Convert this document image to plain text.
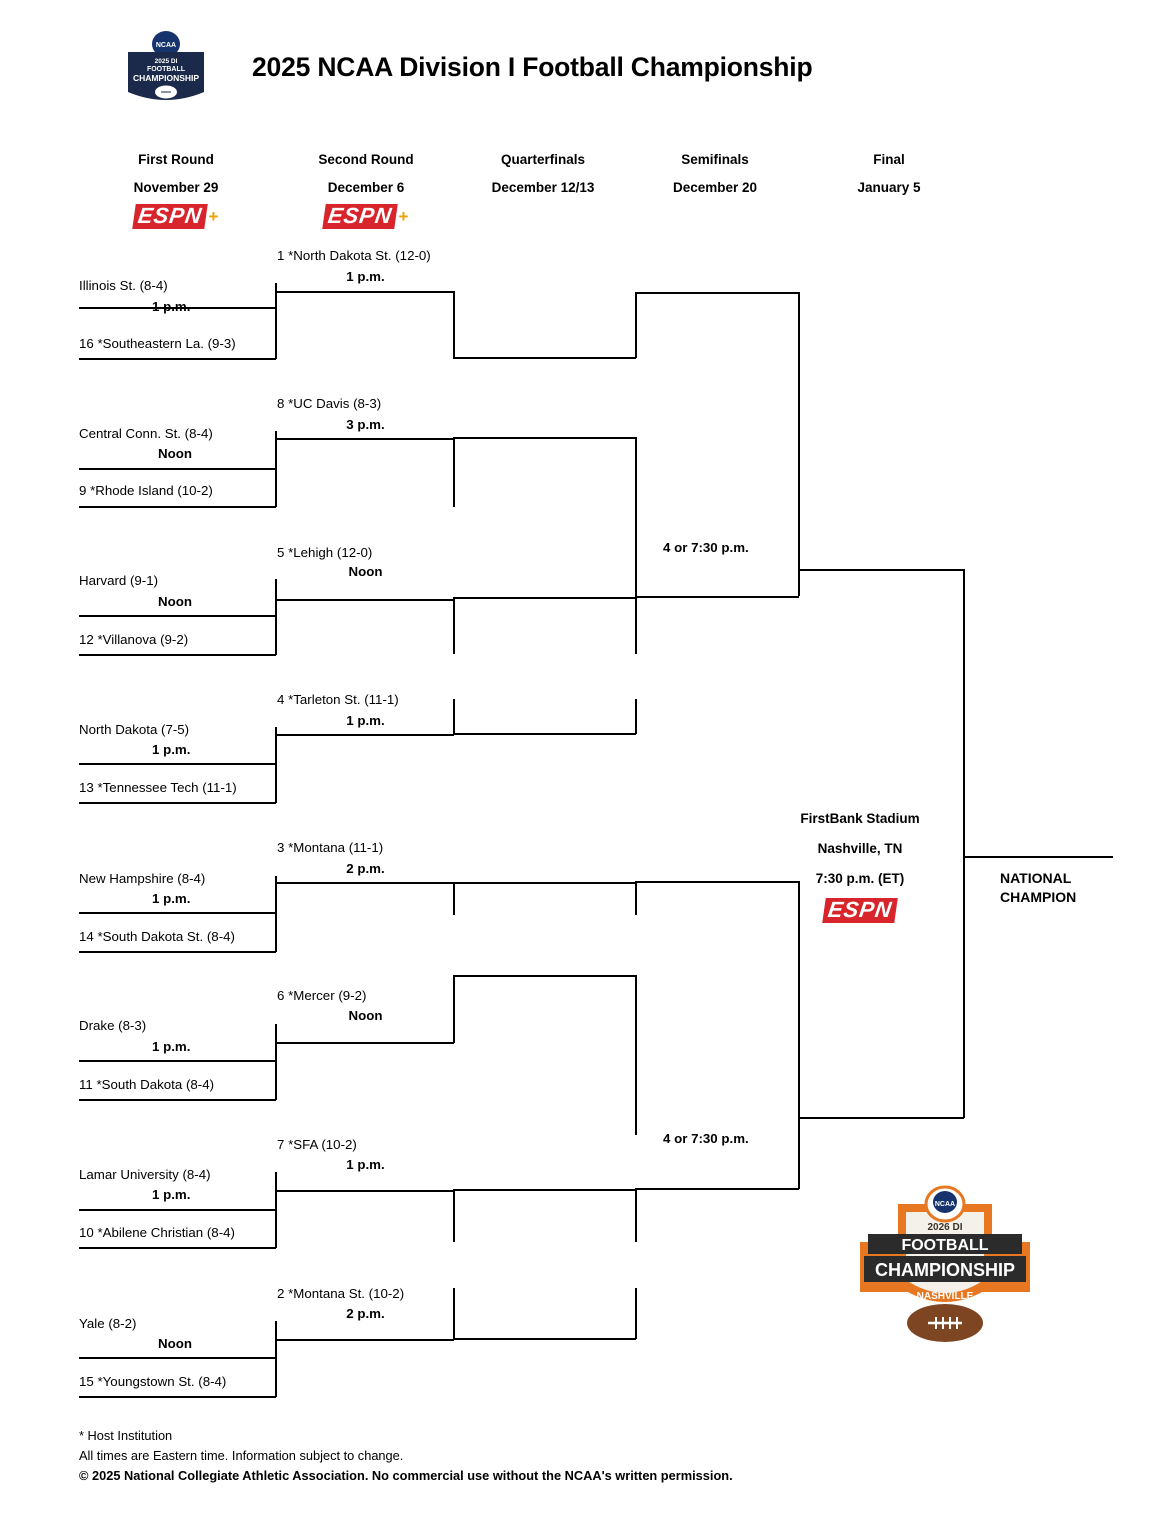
NCAA
2025 DI
FOOTBALL
CHAMPIONSHIP 2025 NCAA Division I Football Championship
First Round
November 29
ESPN +
Second Round
December 6
ESPN +
Quarterfinals
December 12/13
Semifinals
December 20
Final
January 5
Illinois St. (8-4)
1 p.m.
16 *Southeastern La. (9-3)
Central Conn. St. (8-4)
Noon
9 *Rhode Island (10-2)
Harvard (9-1)
Noon
12 *Villanova (9-2)
North Dakota (7-5)
1 p.m.
13 *Tennessee Tech (11-1)
New Hampshire (8-4)
1 p.m.
14 *South Dakota St. (8-4)
Drake (8-3)
1 p.m.
11 *South Dakota (8-4)
Lamar University (8-4)
1 p.m.
10 *Abilene Christian (8-4)
Yale (8-2)
Noon
15 *Youngstown St. (8-4)
1 *North Dakota St. (12-0)
1 p.m.
8 *UC Davis (8-3)
3 p.m.
5 *Lehigh (12-0)
Noon
4 *Tarleton St. (11-1)
1 p.m.
3 *Montana (11-1)
2 p.m.
6 *Mercer (9-2)
Noon
7 *SFA (10-2)
1 p.m.
2 *Montana St. (10-2)
2 p.m.
4 or 7:30 p.m.
4 or 7:30 p.m.
FirstBank Stadium
Nashville, TN
7:30 p.m. (ET)
ESPN
NATIONAL
CHAMPION
NCAA
2026 DI
FOOTBALL
CHAMPIONSHIP
NASHVILLE
* Host Institution
All times are Eastern time. Information subject to change.
© 2025 National Collegiate Athletic Association. No commercial use without the NCAA's written permission.
